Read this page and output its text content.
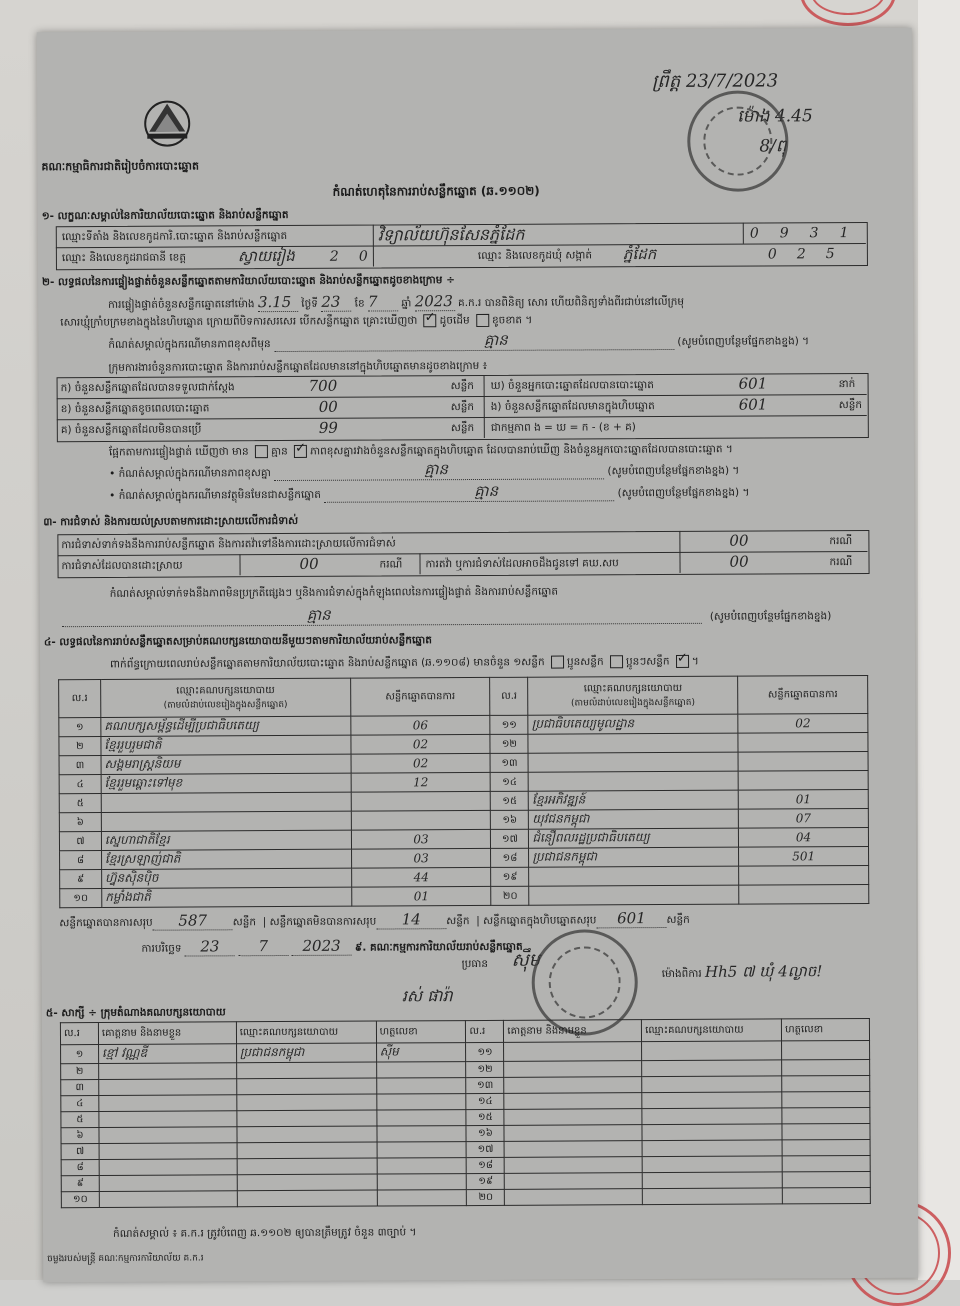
ព្រឹត្ត 23/7/2023
ម៉ោង 4.45
8/ពុ
គណៈកម្មាធិការជាតិរៀបចំការបោះឆ្នោត
កំណត់ហេតុនៃការរាប់សន្លឹកឆ្នោត (ឆ.១១០២)
១- លក្ខណៈសម្គាល់នៃការិយាល័យបោះឆ្នោត និងរាប់សន្លឹកឆ្នោត
ឈ្មោះទីតាំង និងលេខកូដការិ.បោះឆ្នោត និងរាប់សន្លឹកឆ្នោត	វិទ្យាល័យហ៊ុនសែនភ្នំដែក	0931
ឈ្មោះ និងលេខកូដរាជធានី ខេត្ត	ស្វាយរៀង	20	ឈ្មោះ និងលេខកូដឃុំ សង្កាត់ ភ្នំដែក	025
២- លទ្ធផលនៃការផ្ទៀងផ្ទាត់ចំនួនសន្លឹកឆ្នោតតាមការិយាល័យបោះឆ្នោត និងរាប់សន្លឹកឆ្នោតដូចខាងក្រោម ÷
ការផ្ទៀងផ្ទាត់ចំនួនសន្លឹកឆ្នោតនៅម៉ោង 3.15 ថ្ងៃទី 23 ខែ 7 ឆ្នាំ 2023 គ.ក.រ បានពិនិត្យ សោរ ហើយពិនិត្យទាំងពីរជាប់នៅលើក្រមុ
សោរឃ្មុំក្រាំបក្រមខាងក្នុងនៃហិបឆ្នោត ក្រោយពីបិទការសរសេរ បើកសន្លឹកឆ្នោត គ្រោះឃើញថា ✓ ដូចដើម ខូចខាត ។
កំណត់សម្គាល់ក្នុងករណីមានភាពខុសពីមុន	គ្មាន	(សូមបំពេញបន្ថែមផ្នែកខាងខ្នង) ។
ក្រុមការងារចំនួនការបោះឆ្នោត និងការរាប់សន្លឹកឆ្នោតដែលមាននៅក្នុងហិបឆ្នោតមានដូចខាងក្រោម ៖
ក) ចំនួនសន្លឹកឆ្នោតដែលបានទទួលជាក់ស្តែង	700	សន្លឹក
ខ) ចំនួនសន្លឹកឆ្នោតខូចពេលបោះឆ្នោត	00	សន្លឹក
គ) ចំនួនសន្លឹកឆ្នោតដែលមិនបានប្រើ	99	សន្លឹក
ឃ) ចំនួនអ្នកបោះឆ្នោតដែលបានបោះឆ្នោត	601	នាក់
ង) ចំនួនសន្លឹកឆ្នោតដែលមានក្នុងហិបឆ្នោត	601	សន្លឹក
ជាកម្មភាព ង = ឃ = ក - (ខ + គ)
ផ្អែកតាមការផ្ទៀងផ្ទាត់ ឃើញថា មាន គ្មាន ✓ ភាពខុសគ្នារវាងចំនួនសន្លឹកឆ្នោតក្នុងហិបឆ្នោត ដែលបានរាប់ឃើញ និងចំនួនអ្នកបោះឆ្នោតដែលបានបោះឆ្នោត ។
• កំណត់សម្គាល់ក្នុងករណីមានភាពខុសគ្នា	គ្មាន	(សូមបំពេញបន្ថែមផ្នែកខាងខ្នង) ។
• កំណត់សម្គាល់ក្នុងករណីមានវត្ថុមិនមែនជាសន្លឹកឆ្នោត	គ្មាន	(សូមបំពេញបន្ថែមផ្នែកខាងខ្នង) ។
៣- ការជំទាស់ និងការយល់ស្របតាមការដោះស្រាយលើការជំទាស់
ការជំទាស់ទាក់ទងនឹងការរាប់សន្លឹកឆ្នោត និងការតវ៉ាទៅនឹងការដោះស្រាយលើការជំទាស់	00	ករណី
ការជំទាស់ដែលបានដោះស្រាយ	00	ករណី ការតវ៉ា ឬការជំទាស់ដែលអាចដឹងជូនទៅ គឃ.សប	00	ករណី
កំណត់សម្គាល់ទាក់ទងនឹងភាពមិនប្រក្រតីផ្សេងៗ ឬនិងការជំទាស់ក្នុងកំឡុងពេលនៃការផ្ទៀងផ្ទាត់ និងការរាប់សន្លឹកឆ្នោត
គ្មាន	(សូមបំពេញបន្ថែមផ្នែកខាងខ្នង)
៤- លទ្ធផលនៃការរាប់សន្លឹកឆ្នោតសម្រាប់គណបក្សនយោបាយនីមួយៗតាមការិយាល័យរាប់សន្លឹកឆ្នោត
ពាក់ព័ន្ធក្រោយពេលរាប់សន្លឹកឆ្នោតតាមការិយាល័យបោះឆ្នោត និងរាប់សន្លឹកឆ្នោត (ឆ.១១០៨) មានចំនួន ១សន្លឹក ប្អូនសន្លឹក ប្អូនៗសន្លឹក ✓ ។
ល.រ	ឈ្មោះគណបក្សនយោបាយ
(តាមលំដាប់លេខរៀងក្នុងសន្លឹកឆ្នោត)	សន្លឹកឆ្នោតបានការ	ល.រ	ឈ្មោះគណបក្សនយោបាយ
(តាមលំដាប់លេខរៀងក្នុងសន្លឹកឆ្នោត)	សន្លឹកឆ្នោតបានការ
១	គណបក្សសម្ព័ន្ធដើម្បីប្រជាធិបតេយ្យ	06	១១	ប្រជាធិបតេយ្យមូលដ្ឋាន	02
២	ខ្មែររួបរួមជាតិ	02	១២		
៣	សង្គមរាស្ត្រនិយម	02	១៣		
៤	ខ្មែររួមឆ្ពោះទៅមុខ	12	១៤		
៥			១៥	ខ្មែរអភិវឌ្ឍន៍	01
៦			១៦	យុវជនកម្ពុជា	07
៧	ស្នេហាជាតិខ្មែរ	03	១៧	ជំនឿពលរដ្ឋប្រជាធិបតេយ្យ	04
៨	ខ្មែរស្រឡាញ់ជាតិ	03	១៨	ប្រជាជនកម្ពុជា	501
៩	ហ្វ៊ុនស៊ិនប៉ិច	44	១៩		
១០	កម្លាំងជាតិ	01	២០		
សន្លឹកឆ្នោតបានការសរុប 587 សន្លឹក  | សន្លឹកឆ្នោតមិនបានការសរុប 14 សន្លឹក  | សន្លឹកឆ្នោតក្នុងហិបឆ្នោតសរុប 601 សន្លឹក
ការបរិច្ឆេទ 23	7 2023 ៩. គណៈកម្មការការិយាល័យរាប់សន្លឹកឆ្នោត
ប្រធាន ស៊ឹម
រស់ ផារ៉ា
ម៉ោងពិការ Hh5 ៧ ឃុំ 4ល្ងាច!
៥- សាក្សី ÷ ក្រុមតំណាងគណបក្សនយោបាយ
ល.រ	គោត្តនាម និងនាមខ្លួន	ឈ្មោះគណបក្សនយោបាយ	ហត្ថលេខា	ល.រ	គោត្តនាម និងនាមខ្លួន	ឈ្មោះគណបក្សនយោបាយ	ហត្ថលេខា
១	ខ្មៅ វណ្ណឌី	ប្រជាជនកម្ពុជា	ស៊ីម	១១			
២				១២			
៣				១៣			
៤				១៤			
៥				១៥			
៦				១៦			
៧				១៧			
៨				១៨			
៩				១៩			
១០				២០			
កំណត់សម្គាល់ ៖ គ.ក.រ ត្រូវបំពេញ ឆ.១១០២ ឲ្យបានត្រឹមត្រូវ ចំនួន ៣ច្បាប់ ។
ចម្លងរបស់មន្ត្រី គណៈកម្មការការិយាល័យ គ.ក.រ
